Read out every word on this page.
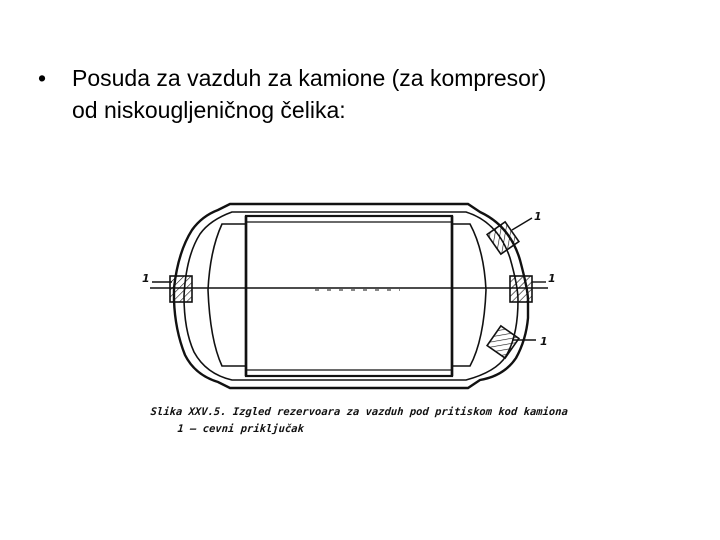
•	Posuda za vazduh za kamione (za kompresor)
od niskougljeničnog čelika:
1
1
1
1
Slika XXV.5. Izgled rezervoara za vazduh pod pritiskom kod kamiona
1 – cevni priključak
